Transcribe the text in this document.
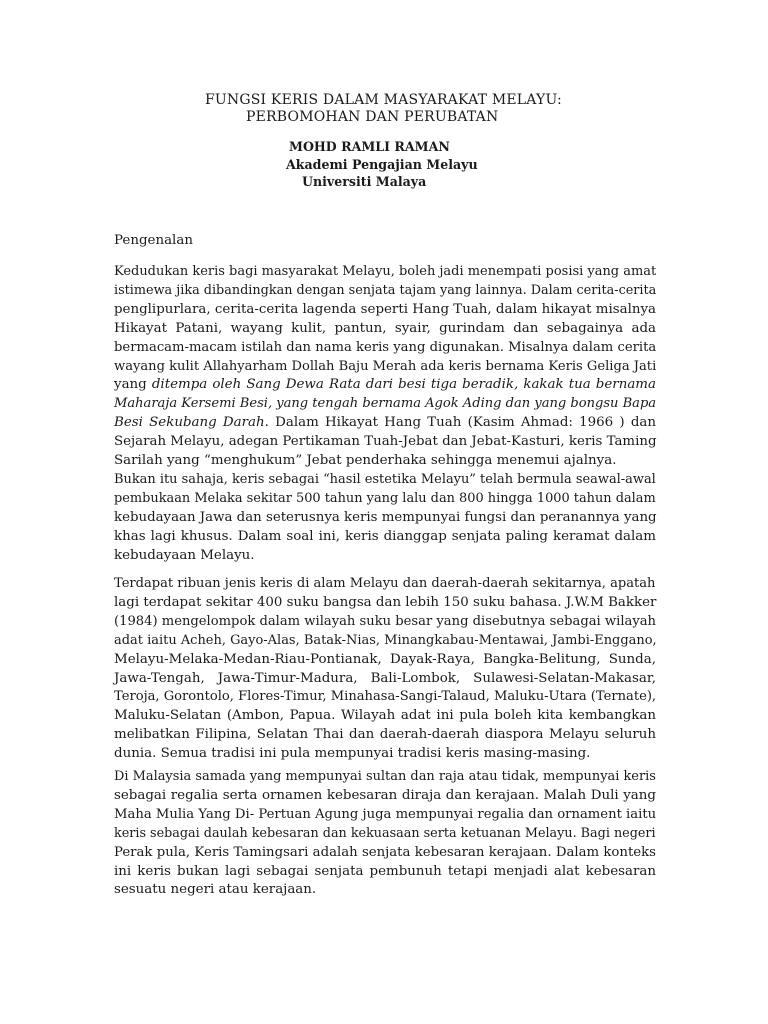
FUNGSI KERIS DALAM MASYARAKAT MELAYU:
PERBOMOHAN DAN PERUBATAN
MOHD RAMLI RAMAN
Akademi Pengajian Melayu
Universiti Malaya
Pengenalan
Kedudukan keris bagi masyarakat Melayu, boleh jadi menempati posisi yang amat
istimewa jika dibandingkan dengan senjata tajam yang lainnya. Dalam cerita-cerita
penglipurlara, cerita-cerita lagenda seperti Hang Tuah, dalam hikayat misalnya
Hikayat Patani, wayang kulit, pantun, syair, gurindam dan sebagainya ada
bermacam-macam istilah dan nama keris yang digunakan. Misalnya dalam cerita
wayang kulit Allahyarham Dollah Baju Merah ada keris bernama Keris Geliga Jati
yang ditempa oleh Sang Dewa Rata dari besi tiga beradik, kakak tua bernama
Maharaja Kersemi Besi, yang tengah bernama Agok Ading dan yang bongsu Bapa
Besi Sekubang Darah. Dalam Hikayat Hang Tuah (Kasim Ahmad: 1966 ) dan
Sejarah Melayu, adegan Pertikaman Tuah-Jebat dan Jebat-Kasturi, keris Taming
Sarilah yang “menghukum” Jebat penderhaka sehingga menemui ajalnya.
Bukan itu sahaja, keris sebagai “hasil estetika Melayu” telah bermula seawal-awal
pembukaan Melaka sekitar 500 tahun yang lalu dan 800 hingga 1000 tahun dalam
kebudayaan Jawa dan seterusnya keris mempunyai fungsi dan peranannya yang
khas lagi khusus. Dalam soal ini, keris dianggap senjata paling keramat dalam
kebudayaan Melayu.
Terdapat ribuan jenis keris di alam Melayu dan daerah-daerah sekitarnya, apatah
lagi terdapat sekitar 400 suku bangsa dan lebih 150 suku bahasa. J.W.M Bakker
(1984) mengelompok dalam wilayah suku besar yang disebutnya sebagai wilayah
adat iaitu Acheh, Gayo-Alas, Batak-Nias, Minangkabau-Mentawai, Jambi-Enggano,
Melayu-Melaka-Medan-Riau-Pontianak, Dayak-Raya, Bangka-Belitung, Sunda,
Jawa-Tengah, Jawa-Timur-Madura, Bali-Lombok, Sulawesi-Selatan-Makasar,
Teroja, Gorontolo, Flores-Timur, Minahasa-Sangi-Talaud, Maluku-Utara (Ternate),
Maluku-Selatan (Ambon, Papua. Wilayah adat ini pula boleh kita kembangkan
melibatkan Filipina, Selatan Thai dan daerah-daerah diaspora Melayu seluruh
dunia. Semua tradisi ini pula mempunyai tradisi keris masing-masing.
Di Malaysia samada yang mempunyai sultan dan raja atau tidak, mempunyai keris
sebagai regalia serta ornamen kebesaran diraja dan kerajaan. Malah Duli yang
Maha Mulia Yang Di- Pertuan Agung juga mempunyai regalia dan ornament iaitu
keris sebagai daulah kebesaran dan kekuasaan serta ketuanan Melayu. Bagi negeri
Perak pula, Keris Tamingsari adalah senjata kebesaran kerajaan. Dalam konteks
ini keris bukan lagi sebagai senjata pembunuh tetapi menjadi alat kebesaran
sesuatu negeri atau kerajaan.
